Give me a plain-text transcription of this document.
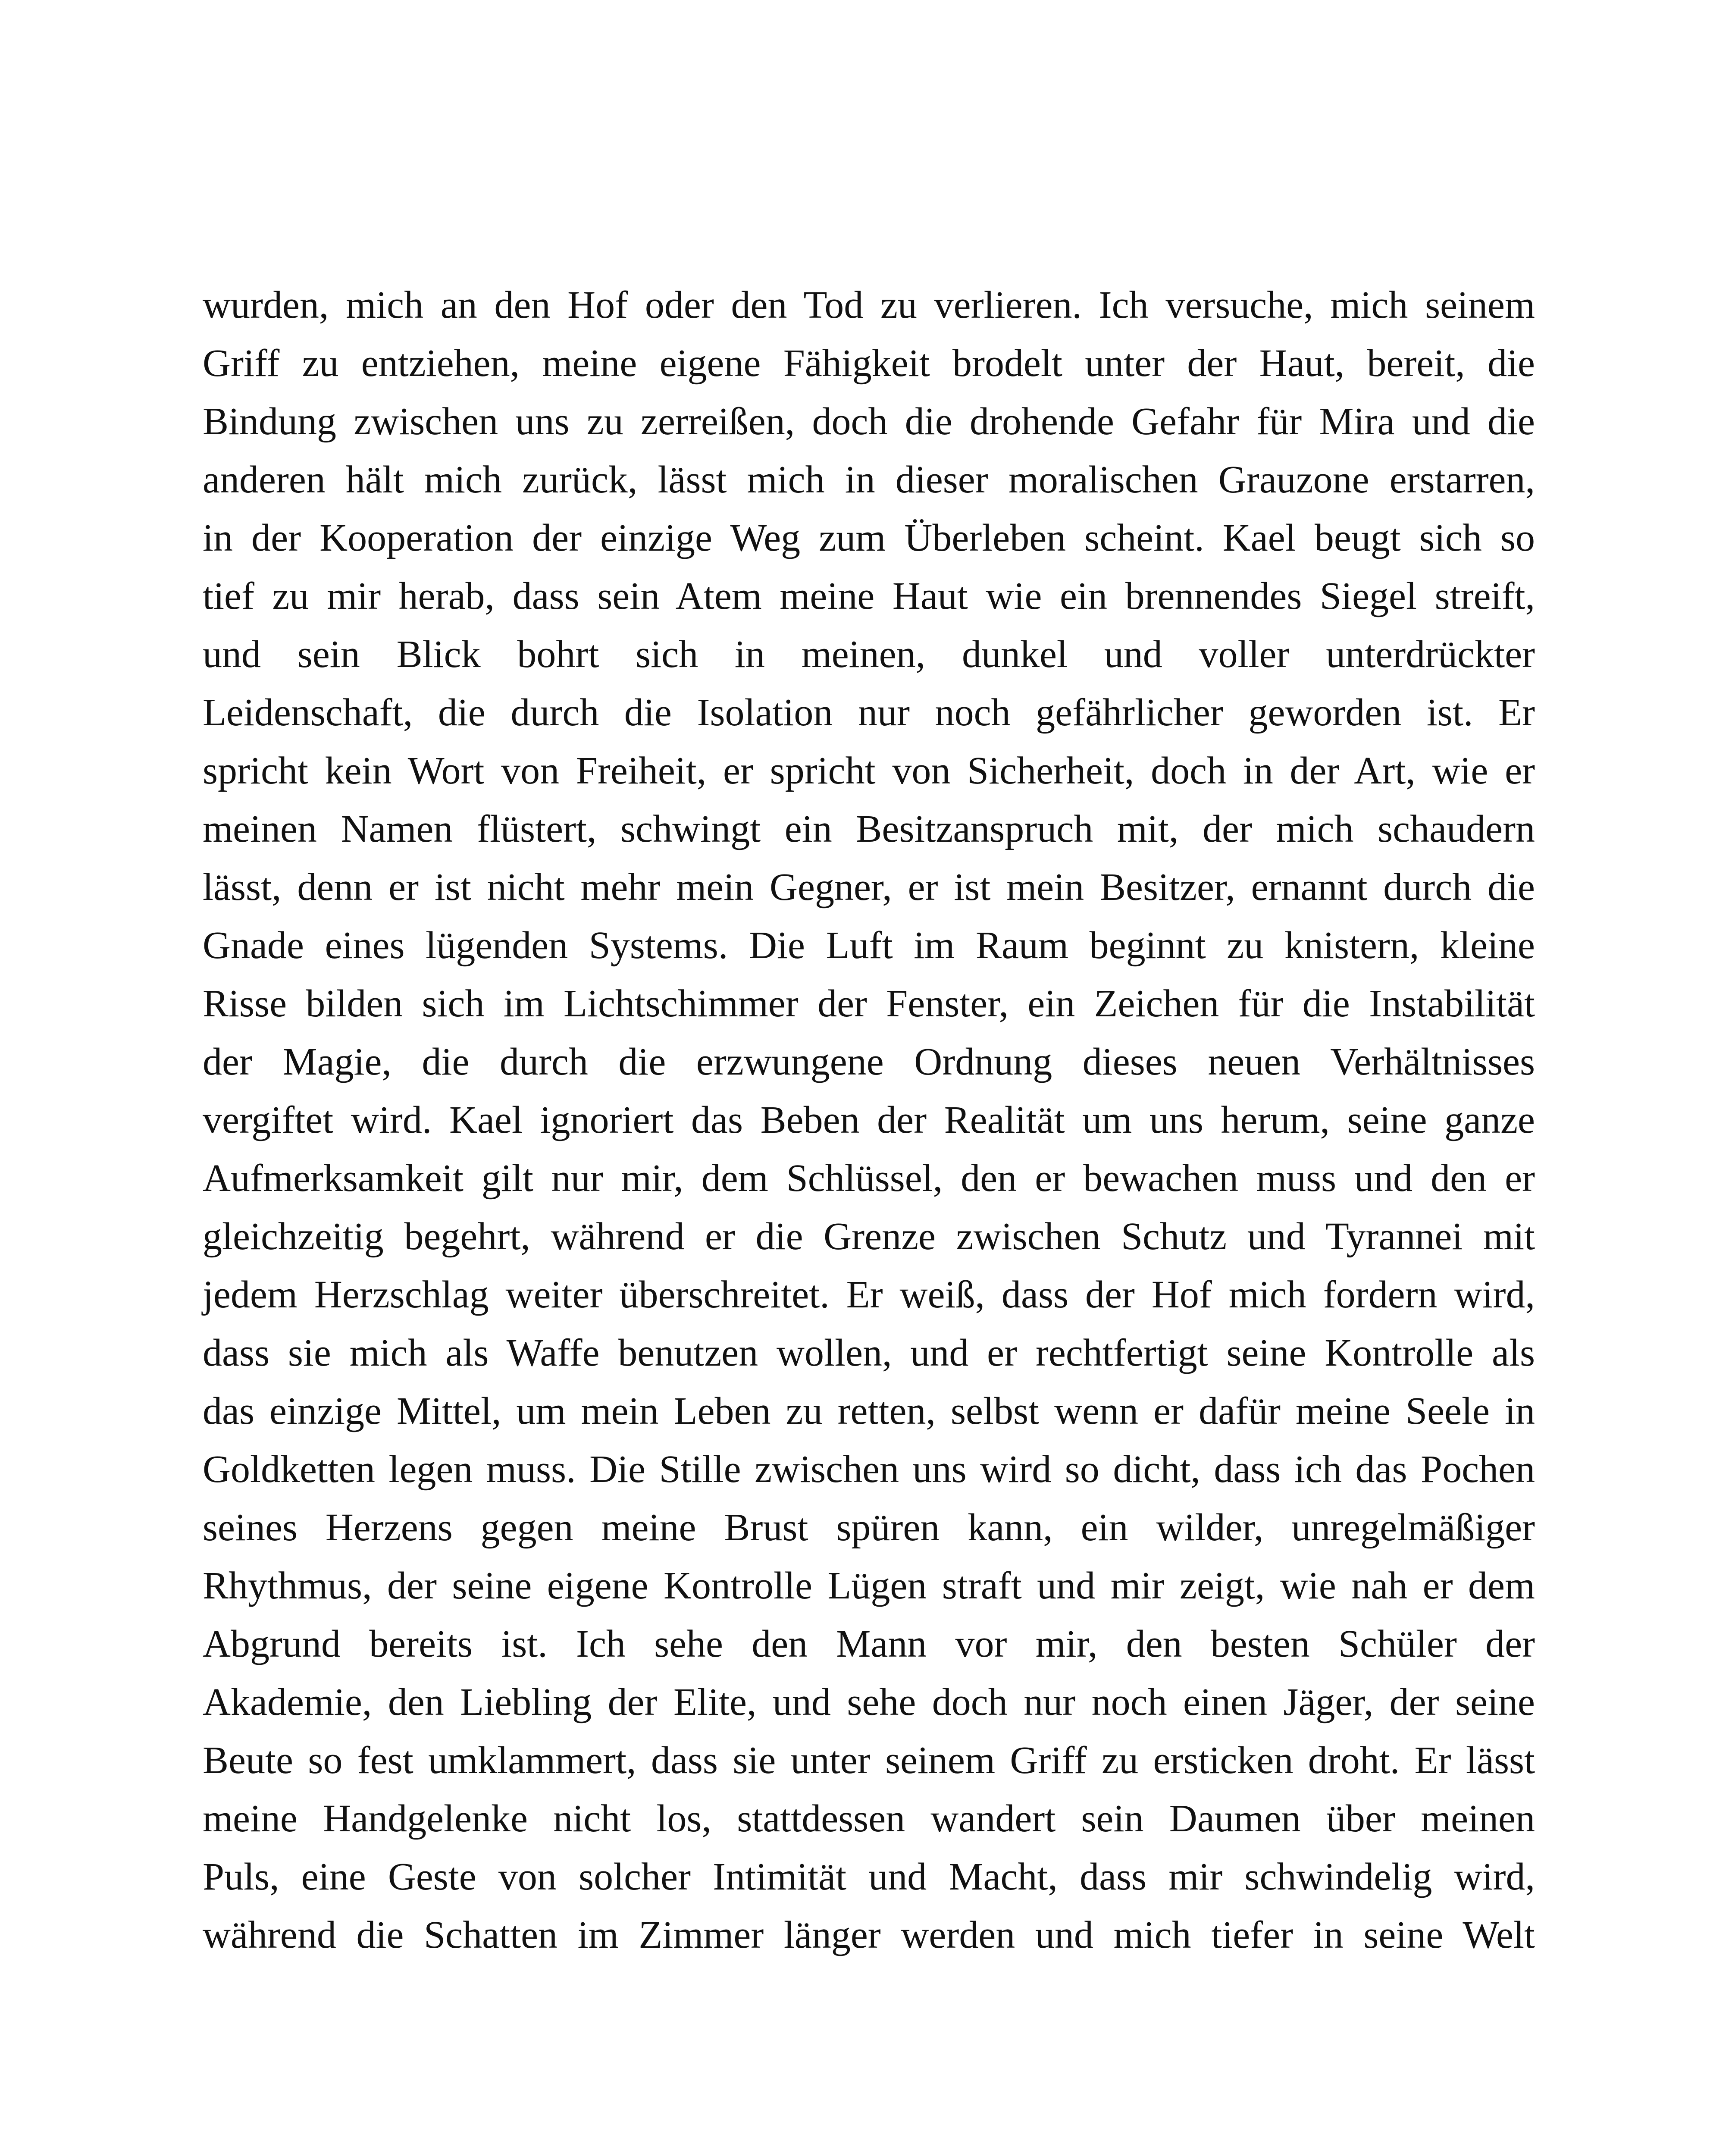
wurden, mich an den Hof oder den Tod zu verlieren. Ich versuche, mich seinem

Griff zu entziehen, meine eigene Fähigkeit brodelt unter der Haut, bereit, die

Bindung zwischen uns zu zerreißen, doch die drohende Gefahr für Mira und die

anderen hält mich zurück, lässt mich in dieser moralischen Grauzone erstarren,

in der Kooperation der einzige Weg zum Überleben scheint. Kael beugt sich so

tief zu mir herab, dass sein Atem meine Haut wie ein brennendes Siegel streift,

und sein Blick bohrt sich in meinen, dunkel und voller unterdrückter

Leidenschaft, die durch die Isolation nur noch gefährlicher geworden ist. Er

spricht kein Wort von Freiheit, er spricht von Sicherheit, doch in der Art, wie er

meinen Namen flüstert, schwingt ein Besitzanspruch mit, der mich schaudern

lässt, denn er ist nicht mehr mein Gegner, er ist mein Besitzer, ernannt durch die

Gnade eines lügenden Systems. Die Luft im Raum beginnt zu knistern, kleine

Risse bilden sich im Lichtschimmer der Fenster, ein Zeichen für die Instabilität

der Magie, die durch die erzwungene Ordnung dieses neuen Verhältnisses

vergiftet wird. Kael ignoriert das Beben der Realität um uns herum, seine ganze

Aufmerksamkeit gilt nur mir, dem Schlüssel, den er bewachen muss und den er

gleichzeitig begehrt, während er die Grenze zwischen Schutz und Tyrannei mit

jedem Herzschlag weiter überschreitet. Er weiß, dass der Hof mich fordern wird,

dass sie mich als Waffe benutzen wollen, und er rechtfertigt seine Kontrolle als

das einzige Mittel, um mein Leben zu retten, selbst wenn er dafür meine Seele in

Goldketten legen muss. Die Stille zwischen uns wird so dicht, dass ich das Pochen

seines Herzens gegen meine Brust spüren kann, ein wilder, unregelmäßiger

Rhythmus, der seine eigene Kontrolle Lügen straft und mir zeigt, wie nah er dem

Abgrund bereits ist. Ich sehe den Mann vor mir, den besten Schüler der

Akademie, den Liebling der Elite, und sehe doch nur noch einen Jäger, der seine

Beute so fest umklammert, dass sie unter seinem Griff zu ersticken droht. Er lässt

meine Handgelenke nicht los, stattdessen wandert sein Daumen über meinen

Puls, eine Geste von solcher Intimität und Macht, dass mir schwindelig wird,

während die Schatten im Zimmer länger werden und mich tiefer in seine Welt
